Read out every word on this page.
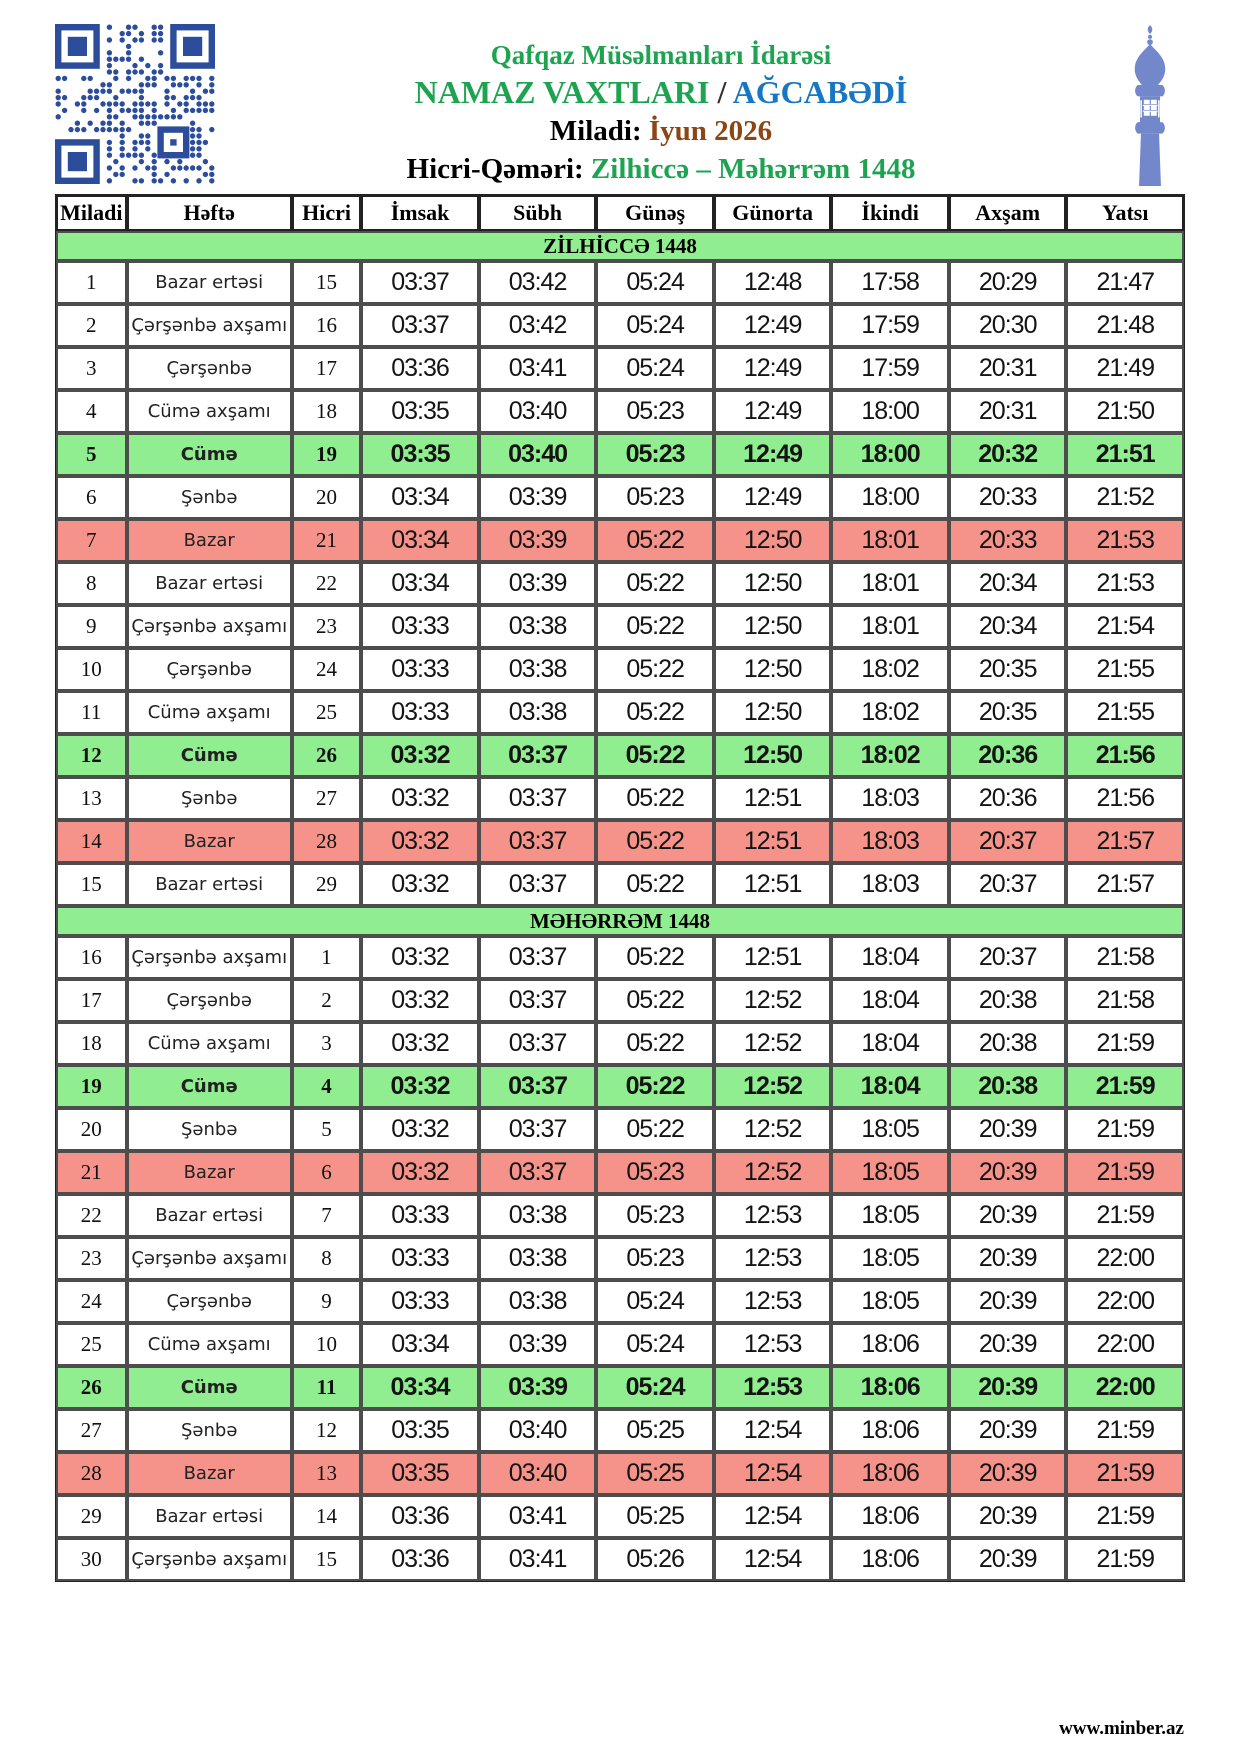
Qafqaz Müsəlmanları İdarəsi
NAMAZ VAXTLARI / AĞCABƏDİ
Miladi: İyun 2026
Hicri-Qəməri: Zilhiccə – Məhərrəm 1448
Miladi	Həftə	Hicri	İmsak	Sübh	Günəş	Günorta	İkindi	Axşam	Yatsı
ZİLHİCCƏ 1448									
1	Bazar ertəsi	15	03:37	03:42	05:24	12:48	17:58	20:29	21:47
2	Çərşənbə axşamı	16	03:37	03:42	05:24	12:49	17:59	20:30	21:48
3	Çərşənbə	17	03:36	03:41	05:24	12:49	17:59	20:31	21:49
4	Cümə axşamı	18	03:35	03:40	05:23	12:49	18:00	20:31	21:50
5	Cümə	19	03:35	03:40	05:23	12:49	18:00	20:32	21:51
6	Şənbə	20	03:34	03:39	05:23	12:49	18:00	20:33	21:52
7	Bazar	21	03:34	03:39	05:22	12:50	18:01	20:33	21:53
8	Bazar ertəsi	22	03:34	03:39	05:22	12:50	18:01	20:34	21:53
9	Çərşənbə axşamı	23	03:33	03:38	05:22	12:50	18:01	20:34	21:54
10	Çərşənbə	24	03:33	03:38	05:22	12:50	18:02	20:35	21:55
11	Cümə axşamı	25	03:33	03:38	05:22	12:50	18:02	20:35	21:55
12	Cümə	26	03:32	03:37	05:22	12:50	18:02	20:36	21:56
13	Şənbə	27	03:32	03:37	05:22	12:51	18:03	20:36	21:56
14	Bazar	28	03:32	03:37	05:22	12:51	18:03	20:37	21:57
15	Bazar ertəsi	29	03:32	03:37	05:22	12:51	18:03	20:37	21:57
MƏHƏRRƏM 1448									
16	Çərşənbə axşamı	1	03:32	03:37	05:22	12:51	18:04	20:37	21:58
17	Çərşənbə	2	03:32	03:37	05:22	12:52	18:04	20:38	21:58
18	Cümə axşamı	3	03:32	03:37	05:22	12:52	18:04	20:38	21:59
19	Cümə	4	03:32	03:37	05:22	12:52	18:04	20:38	21:59
20	Şənbə	5	03:32	03:37	05:22	12:52	18:05	20:39	21:59
21	Bazar	6	03:32	03:37	05:23	12:52	18:05	20:39	21:59
22	Bazar ertəsi	7	03:33	03:38	05:23	12:53	18:05	20:39	21:59
23	Çərşənbə axşamı	8	03:33	03:38	05:23	12:53	18:05	20:39	22:00
24	Çərşənbə	9	03:33	03:38	05:24	12:53	18:05	20:39	22:00
25	Cümə axşamı	10	03:34	03:39	05:24	12:53	18:06	20:39	22:00
26	Cümə	11	03:34	03:39	05:24	12:53	18:06	20:39	22:00
27	Şənbə	12	03:35	03:40	05:25	12:54	18:06	20:39	21:59
28	Bazar	13	03:35	03:40	05:25	12:54	18:06	20:39	21:59
29	Bazar ertəsi	14	03:36	03:41	05:25	12:54	18:06	20:39	21:59
30	Çərşənbə axşamı	15	03:36	03:41	05:26	12:54	18:06	20:39	21:59
www.minber.az
